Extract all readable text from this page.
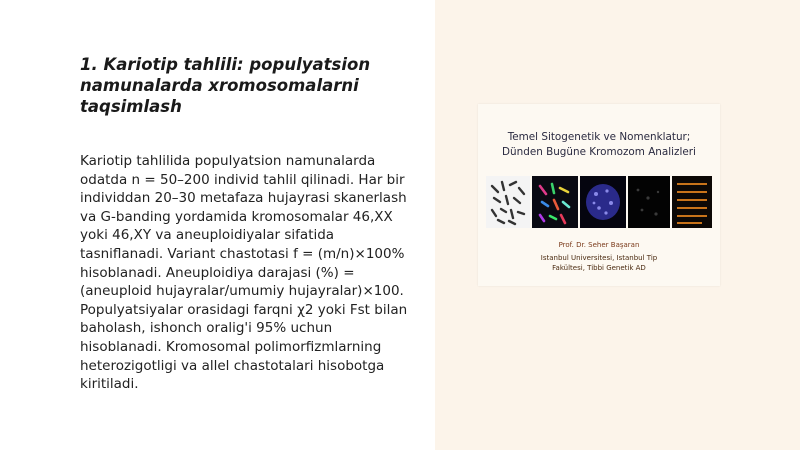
1. Kariotip tahlili: populyatsion namunalarda xromosomalarni taqsimlash

Kariotip tahlilida populyatsion namunalarda odatda n = 50–200 individ tahlil qilinadi. Har bir individdan 20–30 metafaza hujayrasi skanerlash va G-banding yordamida kromosomalar 46,XX yoki 46,XY va aneuploidiyalar sifatida tasniflanadi. Variant chastotasi f = (m/n)×100% hisoblanadi. Aneuploidiya darajasi (%) = (aneuploid hujayralar/umumiy hujayralar)×100. Populyatsiyalar orasidagi farqni χ2 yoki Fst bilan baholash, ishonch oralig'i 95% uchun hisoblanadi. Kromosomal polimorfizmlarning heterozigotligi va allel chastotalari hisobotga kiritiladi.

Temel Sitogenetik ve Nomenklatur;
Dünden Bugüne Kromozom Analizleri
Prof. Dr. Seher Başaran
Istanbul Universitesi, Istanbul Tip
Fakültesi, Tibbi Genetik AD
